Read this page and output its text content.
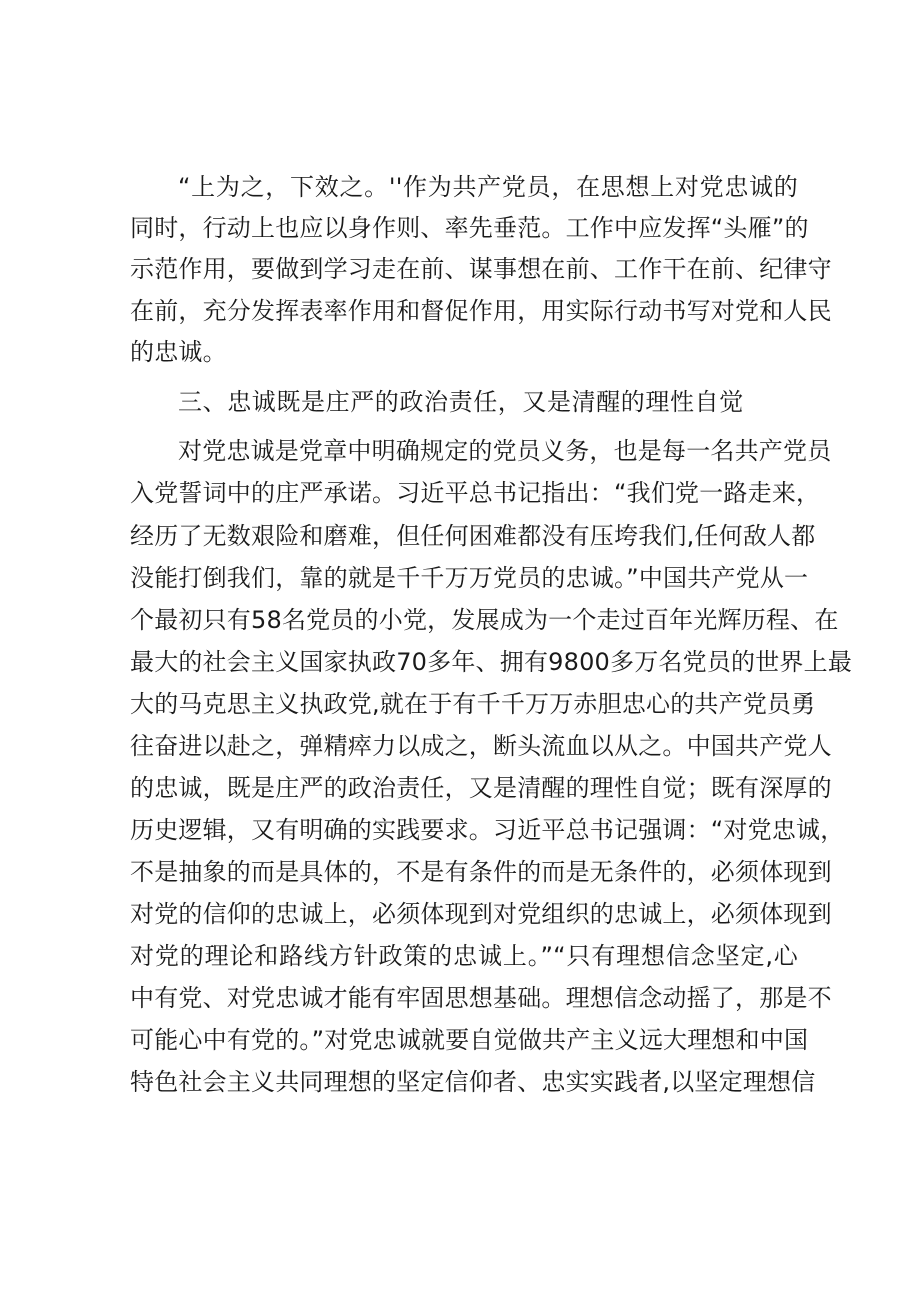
“上为之，下效之。''作为共产党员，在思想上对党忠诚的
同时，行动上也应以身作则、率先垂范。工作中应发挥“头雁”的
示范作用，要做到学习走在前、谋事想在前、工作干在前、纪律守
在前，充分发挥表率作用和督促作用，用实际行动书写对党和人民
的忠诚。
三、忠诚既是庄严的政治责任，又是清醒的理性自觉
对党忠诚是党章中明确规定的党员义务，也是每一名共产党员
入党誓词中的庄严承诺。习近平总书记指出：“我们党一路走来，
经历了无数艰险和磨难，但任何困难都没有压垮我们,任何敌人都
没能打倒我们，靠的就是千千万万党员的忠诚。”中国共产党从一
个最初只有58名党员的小党，发展成为一个走过百年光辉历程、在
最大的社会主义国家执政70多年、拥有9800多万名党员的世界上最
大的马克思主义执政党,就在于有千千万万赤胆忠心的共产党员勇
往奋进以赴之，弹精瘁力以成之，断头流血以从之。中国共产党人
的忠诚，既是庄严的政治责任，又是清醒的理性自觉；既有深厚的
历史逻辑，又有明确的实践要求。习近平总书记强调：“对党忠诚，
不是抽象的而是具体的，不是有条件的而是无条件的，必须体现到
对党的信仰的忠诚上，必须体现到对党组织的忠诚上，必须体现到
对党的理论和路线方针政策的忠诚上。”“只有理想信念坚定,心
中有党、对党忠诚才能有牢固思想基础。理想信念动摇了，那是不
可能心中有党的。”对党忠诚就要自觉做共产主义远大理想和中国
特色社会主义共同理想的坚定信仰者、忠实实践者,以坚定理想信
